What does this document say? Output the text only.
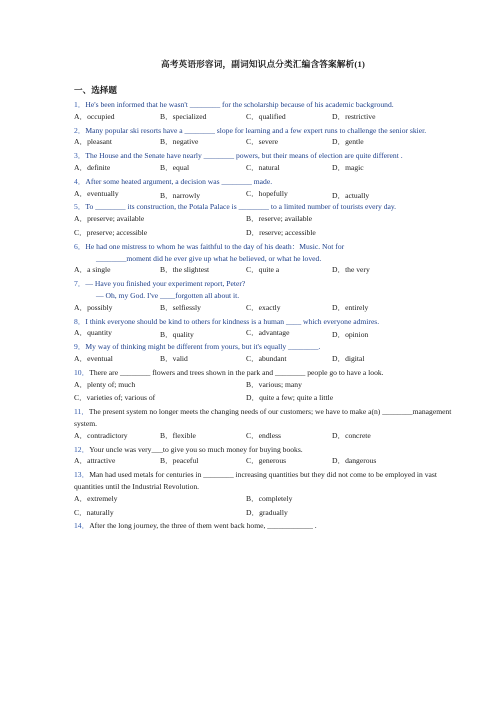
高考英语形容词，副词知识点分类汇编含答案解析(1)
一、选择题
1．He's been informed that he wasn't ________ for the scholarship because of his academic background.
A．occupied	B．specialized	C．qualified	D．restrictive
2．Many popular ski resorts have a ________ slope for learning and a few expert runs to challenge the senior skier.
A．pleasant	B．negative	C．severe	D．gentle
3．The House and the Senate have nearly ________ powers, but their means of election are quite different .
A．definite	B．equal	C．natural	D．magic
4．After some heated argument, a decision was ________ made.
A．eventually	B．narrowly	C．hopefully	D．actually
5．To ________ its construction, the Potala Palace is ________ to a limited number of tourists every day.
A．preserve; available	B．reserve; available
C．preserve; accessible	D．reserve; accessible
6．He had one mistress to whom he was faithful to the day of his death：Music. Not for
________moment did he ever give up what he believed, or what he loved.
A．a single	B．the slightest	C．quite a	D．the very
7．— Have you finished your experiment report, Peter?
— Oh, my God. I've ____forgotten all about it.
A．possibly	B．selfiessly	C．exactly	D．entirely
8．I think everyone should be kind to others for kindness is a human ____ which everyone admires.
A．quantity	B．quality	C．advantage	D．opinion
9．My way of thinking might be different from yours, but it's equally ________.
A．eventual	B．valid	C．abundant	D．digital
10．There are ________ flowers and trees shown in the park and ________ people go to have a look.
A．plenty of; much	B．various; many
C．varieties of; various of	D．quite a few; quite a little
11．The present system no longer meets the changing needs of our customers; we have to make a(n) ________management system.
A．contradictory	B．flexible	C．endless	D．concrete
12．Your uncle was very___to give you so much money for buying books.
A．attractive	B．peaceful	C．generous	D．dangerous
13．Man had used metals for centuries in ________ increasing quantities but they did not come to be employed in vast quantities until the Industrial Revolution.
A．extremely	B．completely
C．naturally	D．gradually
14．After the long journey, the three of them went back home, ____________ .
